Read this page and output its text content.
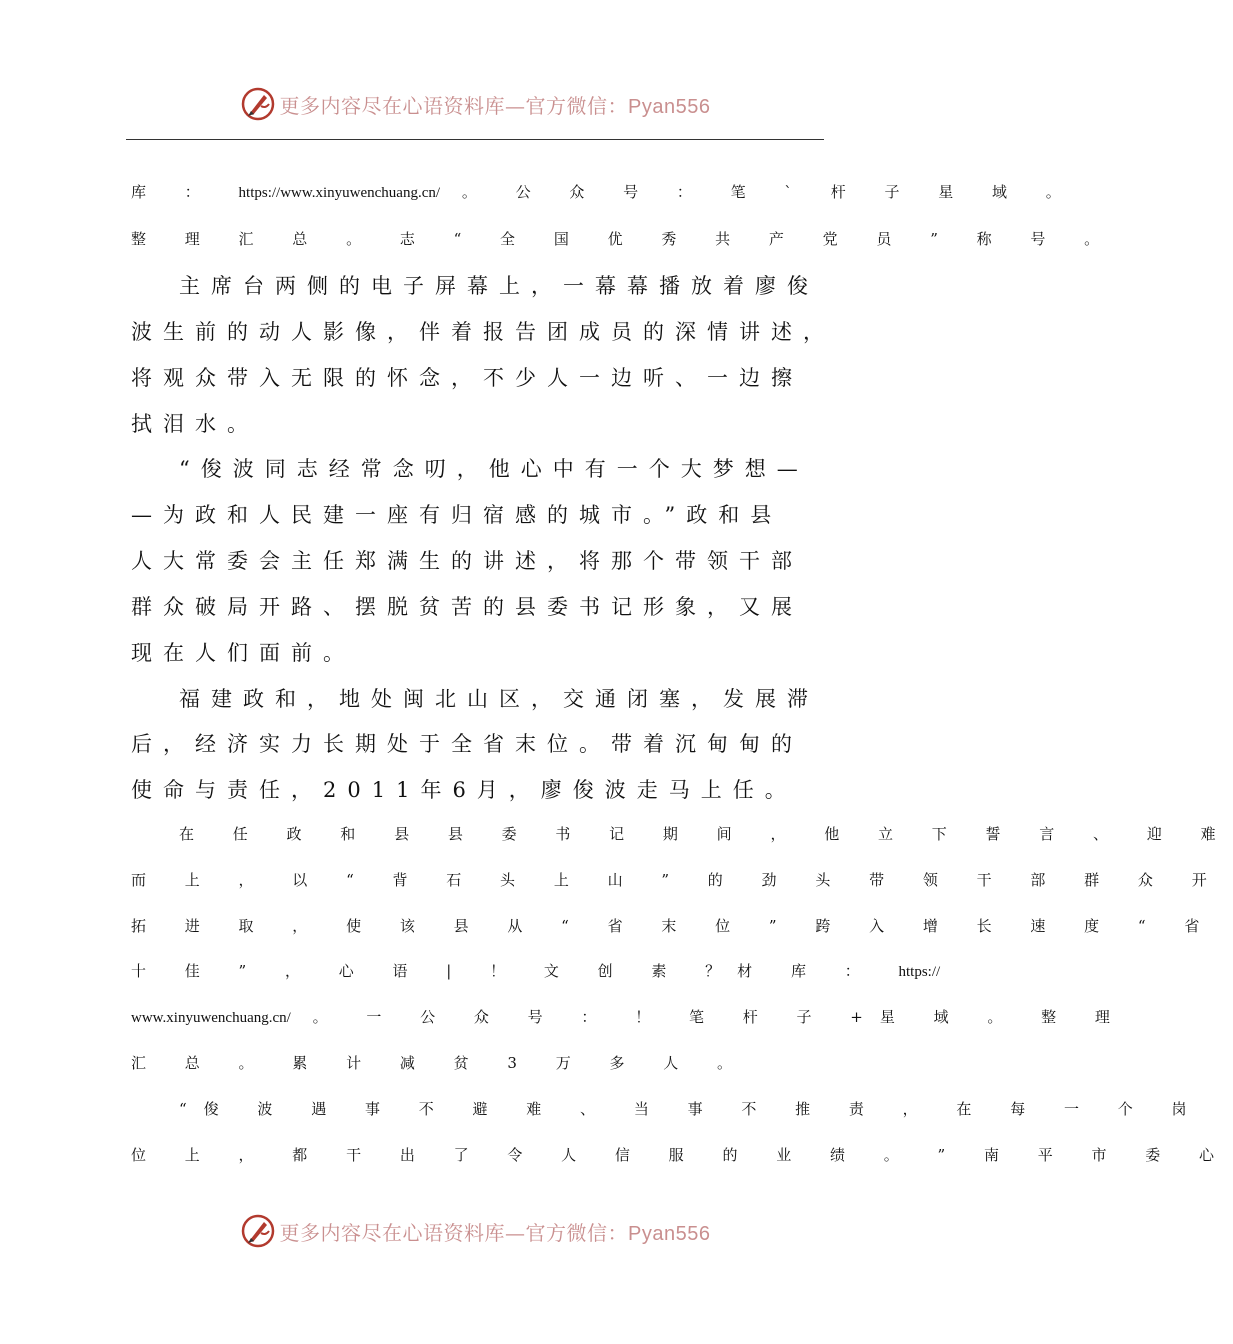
更多内容尽在心语资料库—官方微信：Pyan556
库 ： https://www.xinyuwenchuang.cn/ 。 公 众 号 ： 笔 ` 杆 子 星 域 。
整 理 汇 总 。 志 “ 全 国 优 秀 共 产 党 员 ” 称 号 。
主席台两侧的电子屏幕上，一幕幕播放着廖俊
波生前的动人影像，伴着报告团成员的深情讲述，
将观众带入无限的怀念，不少人一边听、一边擦
拭泪水。
“俊波同志经常念叨，他心中有一个大梦想—
—为政和人民建一座有归宿感的城市。”政和县
人大常委会主任郑满生的讲述，将那个带领干部
群众破局开路、摆脱贫苦的县委书记形象，又展
现在人们面前。
福建政和，地处闽北山区，交通闭塞，发展滞
后，经济实力长期处于全省末位。带着沉甸甸的
使命与责任，2011年6月，廖俊波走马上任。
在 任 政 和 县 县 委 书 记 期 间 ， 他 立 下 誓 言 、 迎 难
而 上 ， 以 “ 背 石 头 上 山 ” 的 劲 头 带 领 干 部 群 众 开
拓 进 取 ， 使 该 县 从 “ 省 末 位 ” 跨 入 增 长 速 度 “ 省
十 佳 ” ， 心 语 | ！ 文 创 素 ？材 库 ： https://
www.xinyuwenchuang.cn/ 。 一 公 众 号 ： ！ 笔 杆 子 +星 域 。 整 理
汇 总 。 累 计 减 贫 3 万 多 人 。
“俊 波 遇 事 不 避 难 、 当 事 不 推 责 ， 在 每 一 个 岗
位 上 ， 都 干 出 了 令 人 信 服 的 业 绩 。 ” 南 平 市 委 心
更多内容尽在心语资料库—官方微信：Pyan556
